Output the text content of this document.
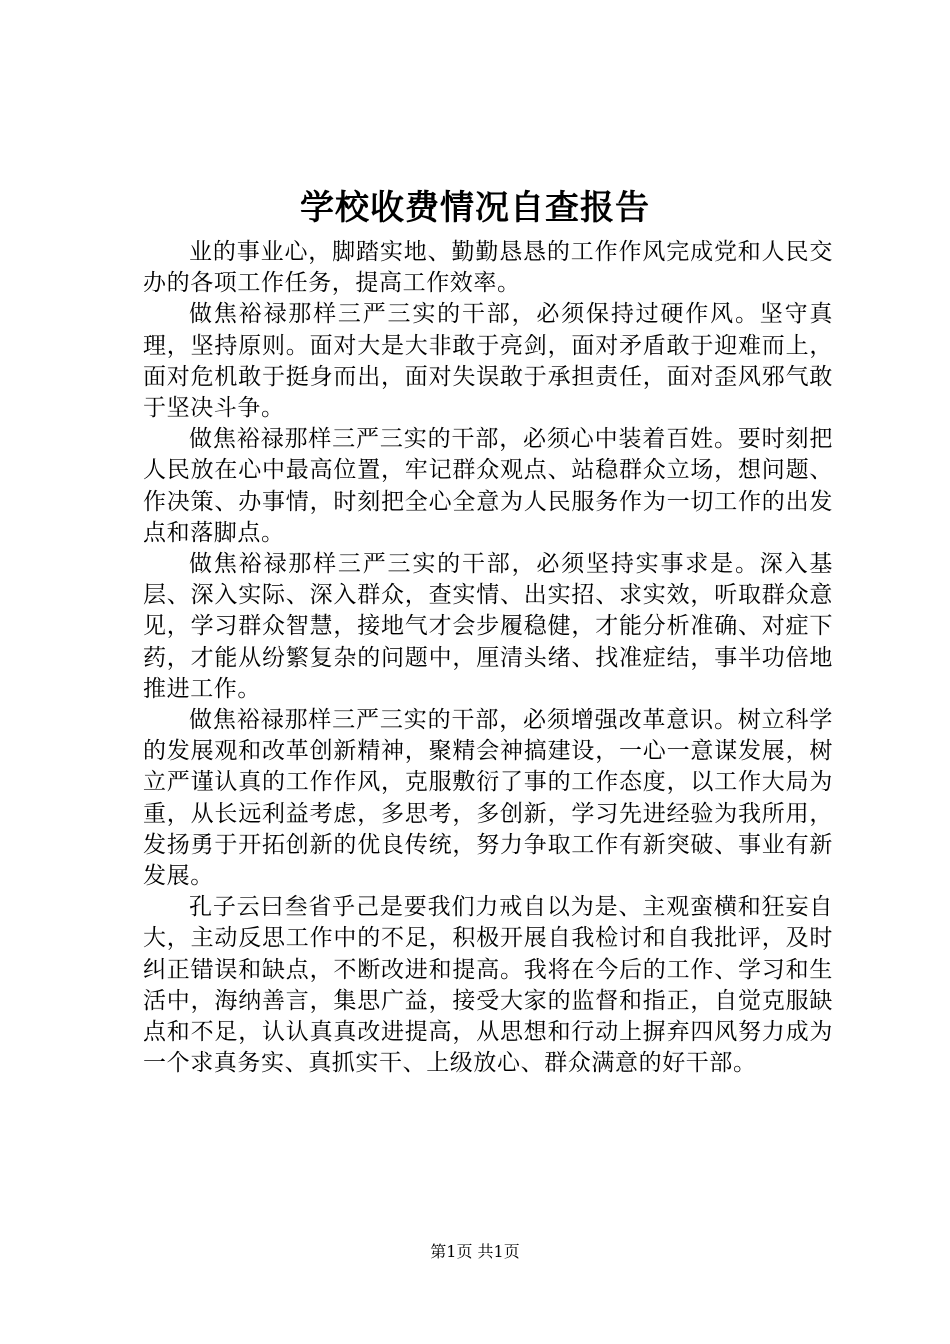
学校收费情况自查报告

业的事业心，脚踏实地、勤勤恳恳的工作作风完成党和人民交办的各项工作任务，提高工作效率。

做焦裕禄那样三严三实的干部，必须保持过硬作风。坚守真理，坚持原则。面对大是大非敢于亮剑，面对矛盾敢于迎难而上，面对危机敢于挺身而出，面对失误敢于承担责任，面对歪风邪气敢于坚决斗争。

做焦裕禄那样三严三实的干部，必须心中装着百姓。要时刻把人民放在心中最高位置，牢记群众观点、站稳群众立场，想问题、作决策、办事情，时刻把全心全意为人民服务作为一切工作的出发点和落脚点。

做焦裕禄那样三严三实的干部，必须坚持实事求是。深入基层、深入实际、深入群众，查实情、出实招、求实效，听取群众意见，学习群众智慧，接地气才会步履稳健，才能分析准确、对症下药，才能从纷繁复杂的问题中，厘清头绪、找准症结，事半功倍地推进工作。

做焦裕禄那样三严三实的干部，必须增强改革意识。树立科学的发展观和改革创新精神，聚精会神搞建设，一心一意谋发展，树立严谨认真的工作作风，克服敷衍了事的工作态度，以工作大局为重，从长远利益考虑，多思考，多创新，学习先进经验为我所用，发扬勇于开拓创新的优良传统，努力争取工作有新突破、事业有新发展。

孔子云曰叁省乎己是要我们力戒自以为是、主观蛮横和狂妄自大，主动反思工作中的不足，积极开展自我检讨和自我批评，及时纠正错误和缺点，不断改进和提高。我将在今后的工作、学习和生活中，海纳善言，集思广益，接受大家的监督和指正，自觉克服缺点和不足，认认真真改进提高，从思想和行动上摒弃四风努力成为一个求真务实、真抓实干、上级放心、群众满意的好干部。

第1页 共1页
